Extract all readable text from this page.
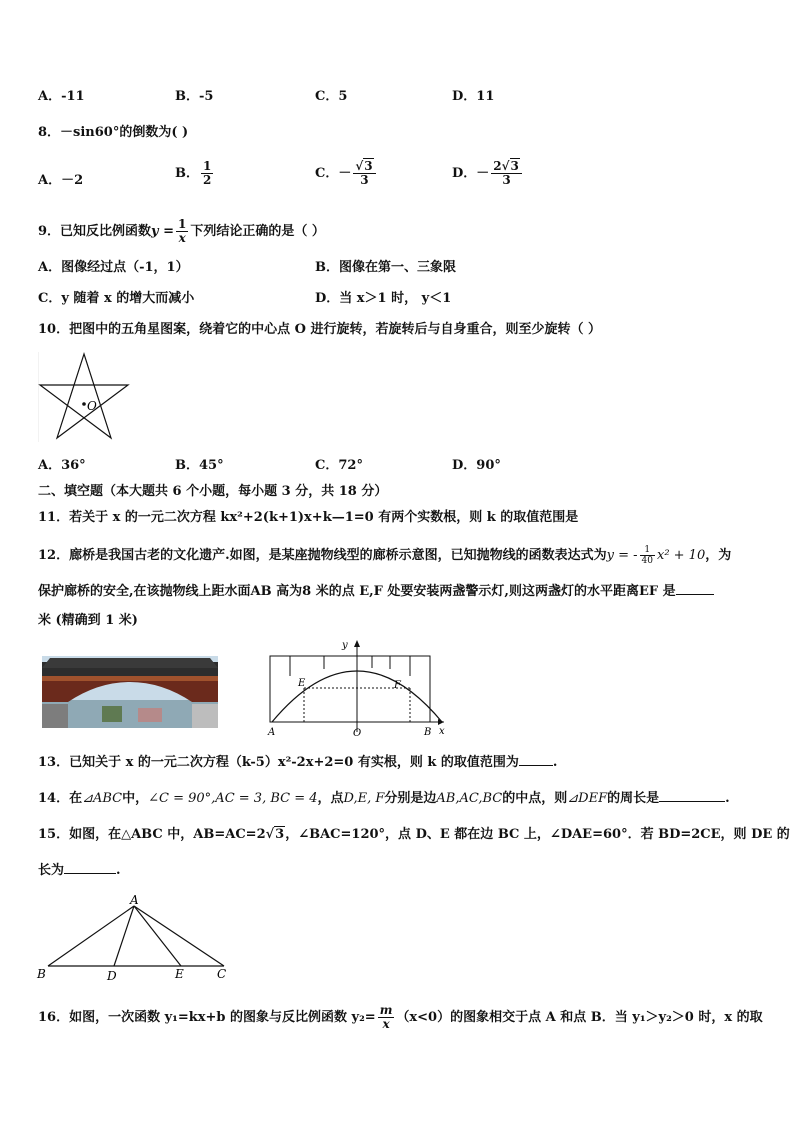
A．-11	B．-5	C．5	D．11
8．－sin60°的倒数为( )
A．－2	B． $\frac{1}{2}$	C．－ $\frac{√3}{3}$	D．－ $\frac{2√3}{3}$
9．已知反比例函数$y = \frac{1}{x}$ 下列结论正确的是（ ）
A．图像经过点（-1，1）	B．图像在第一、三象限
C．y 随着 x 的增大而减小	D．当 x＞1 时， y＜1
10．把图中的五角星图案，绕着它的中心点 O 进行旋转，若旋转后与自身重合，则至少旋转（ ）
O
A．36°	B．45°	C．72°	D．90°
二、填空题（本大题共 6 个小题，每小题 3 分，共 18 分）
11．若关于 x 的一元二次方程 kx²+2(k+1)x+k—1=0 有两个实数根，则 k 的取值范围是
12．廊桥是我国古老的文化遗产.如图，是某座抛物线型的廊桥示意图，已知抛物线的函数表达式为y = - $\frac{1}{40} x^2 + 10$，为
保护廊桥的安全,在该抛物线上距水面AB 高为8 米的点 E,F 处要安装两盏警示灯,则这两盏灯的水平距离EF 是
米 (精确到 1 米)
y
x
E	F
A	O	B
13．已知关于 x 的一元二次方程（k-5）x²-2x+2=0 有实根，则 k 的取值范围为	.
14．在⊿ABC中，∠C = 90°,AC = 3, BC = 4，点D,E, F分别是边AB,AC,BC的中点，则⊿DEF的周长是	.
15．如图，在△ABC 中，AB=AC=2√3，∠BAC=120°，点 D、E 都在边 BC 上，∠DAE=60°．若 BD=2CE，则 DE 的
长为	.
A
B	D	E	C
16．如图，一次函数 y₁=kx+b 的图象与反比例函数 $y_2= \frac{m}{x} (x<0)$的图象相交于点 A 和点 B．当 y₁＞y₂＞0 时，x 的取
